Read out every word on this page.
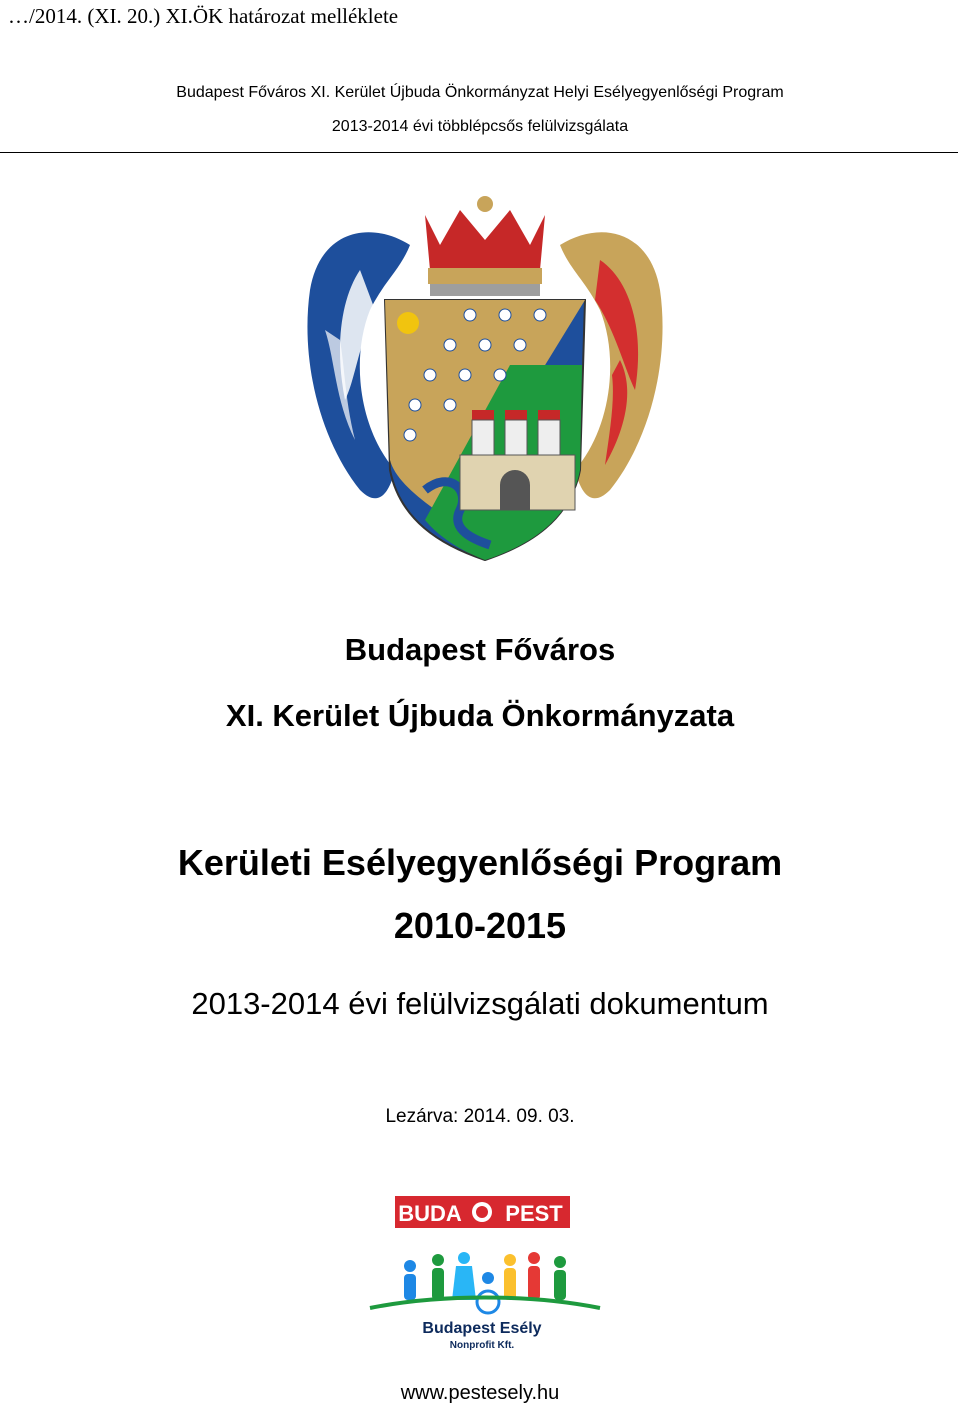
…/2014. (XI. 20.) XI.ÖK határozat melléklete
Budapest Főváros XI. Kerület Újbuda Önkormányzat Helyi Esélyegyenlőségi Program
2013-2014 évi többlépcsős felülvizsgálata
Budapest Főváros
XI. Kerület Újbuda Önkormányzata
Kerületi Esélyegyenlőségi Program
2010-2015
2013-2014 évi felülvizsgálati dokumentum
Lezárva: 2014. 09. 03.
BUDA PEST
Budapest Esély
Nonprofit Kft.
www.pestesely.hu
